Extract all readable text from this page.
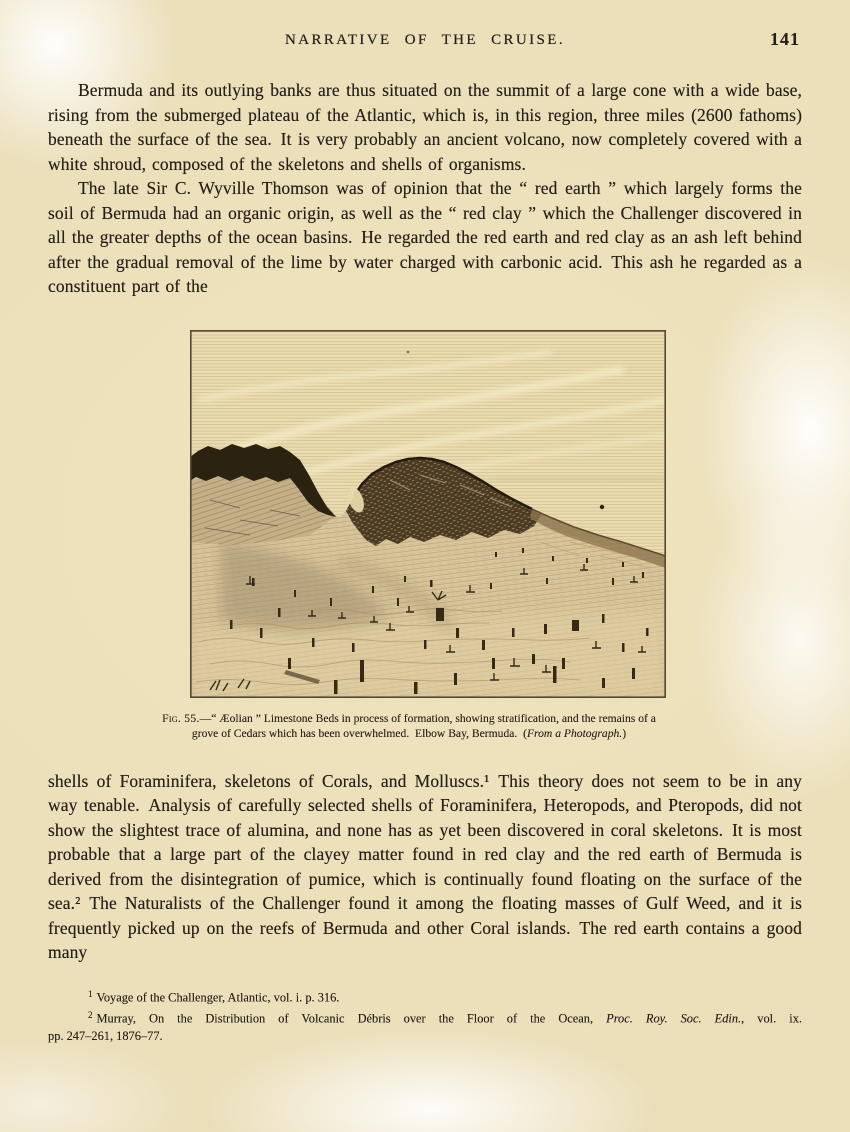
NARRATIVE OF THE CRUISE.	141

Bermuda and its outlying banks are thus situated on the summit of a large cone with a wide base, rising from the submerged plateau of the Atlantic, which is, in this region, three miles (2600 fathoms) beneath the surface of the sea. It is very probably an ancient volcano, now completely covered with a white shroud, composed of the skeletons and shells of organisms.

The late Sir C. Wyville Thomson was of opinion that the “ red earth ” which largely forms the soil of Bermuda had an organic origin, as well as the “ red clay ” which the Challenger discovered in all the greater depths of the ocean basins. He regarded the red earth and red clay as an ash left behind after the gradual removal of the lime by water charged with carbonic acid. This ash he regarded as a constituent part of the

Fig. 55.—“ Æolian ” Limestone Beds in process of formation, showing stratification, and the remains of a
grove of Cedars which has been overwhelmed. Elbow Bay, Bermuda. (From a Photograph.)

shells of Foraminifera, skeletons of Corals, and Molluscs.¹ This theory does not seem to be in any way tenable. Analysis of carefully selected shells of Foraminifera, Heteropods, and Pteropods, did not show the slightest trace of alumina, and none has as yet been discovered in coral skeletons. It is most probable that a large part of the clayey matter found in red clay and the red earth of Bermuda is derived from the disintegration of pumice, which is continually found floating on the surface of the sea.² The Naturalists of the Challenger found it among the floating masses of Gulf Weed, and it is frequently picked up on the reefs of Bermuda and other Coral islands. The red earth contains a good many

$^1$ Voyage of the Challenger, Atlantic, vol. i. p. 316.

$^2$ Murray, On the Distribution of Volcanic Débris over the Floor of the Ocean, Proc. Roy. Soc. Edin., vol. ix.

pp. 247–261, 1876–77.
